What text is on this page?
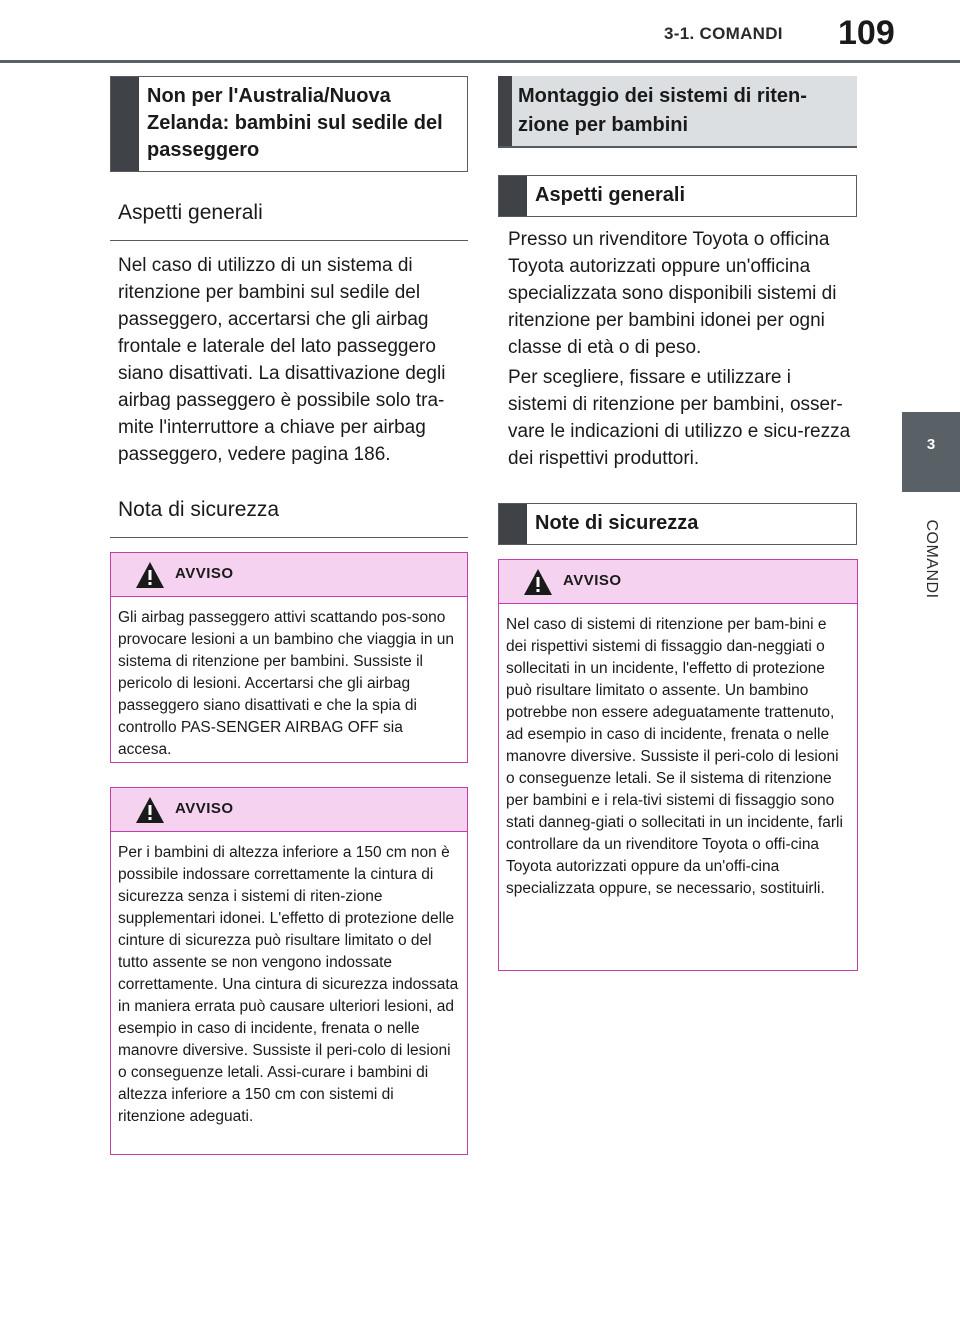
3-1. COMANDI 109
3
COMANDI
Non per l'Australia/Nuova Zelanda: bambini sul sedile del passeggero
Aspetti generali
Nel caso di utilizzo di un sistema di ritenzione per bambini sul sedile del passeggero, accertarsi che gli airbag frontale e laterale del lato passeggero siano disattivati. La disattivazione degli airbag passeggero è possibile solo tra-mite l'interruttore a chiave per airbag passeggero, vedere pagina 186.
Nota di sicurezza
AVVISO
Gli airbag passeggero attivi scattando pos-sono provocare lesioni a un bambino che viaggia in un sistema di ritenzione per bambini. Sussiste il pericolo di lesioni. Accertarsi che gli airbag passeggero siano disattivati e che la spia di controllo PAS-SENGER AIRBAG OFF sia accesa.
AVVISO
Per i bambini di altezza inferiore a 150 cm non è possibile indossare correttamente la cintura di sicurezza senza i sistemi di riten-zione supplementari idonei. L'effetto di protezione delle cinture di sicurezza può risultare limitato o del tutto assente se non vengono indossate correttamente. Una cintura di sicurezza indossata in maniera errata può causare ulteriori lesioni, ad esempio in caso di incidente, frenata o nelle manovre diversive. Sussiste il peri-colo di lesioni o conseguenze letali. Assi-curare i bambini di altezza inferiore a 150 cm con sistemi di ritenzione adeguati.
Montaggio dei sistemi di riten-zione per bambini
Aspetti generali
Presso un rivenditore Toyota o officina Toyota autorizzati oppure un'officina specializzata sono disponibili sistemi di ritenzione per bambini idonei per ogni classe di età o di peso.
Per scegliere, fissare e utilizzare i sistemi di ritenzione per bambini, osser-vare le indicazioni di utilizzo e sicu-rezza dei rispettivi produttori.
Note di sicurezza
AVVISO
Nel caso di sistemi di ritenzione per bam-bini e dei rispettivi sistemi di fissaggio dan-neggiati o sollecitati in un incidente, l'effetto di protezione può risultare limitato o assente. Un bambino potrebbe non essere adeguatamente trattenuto, ad esempio in caso di incidente, frenata o nelle manovre diversive. Sussiste il peri-colo di lesioni o conseguenze letali. Se il sistema di ritenzione per bambini e i rela-tivi sistemi di fissaggio sono stati danneg-giati o sollecitati in un incidente, farli controllare da un rivenditore Toyota o offi-cina Toyota autorizzati oppure da un'offi-cina specializzata oppure, se necessario, sostituirli.
